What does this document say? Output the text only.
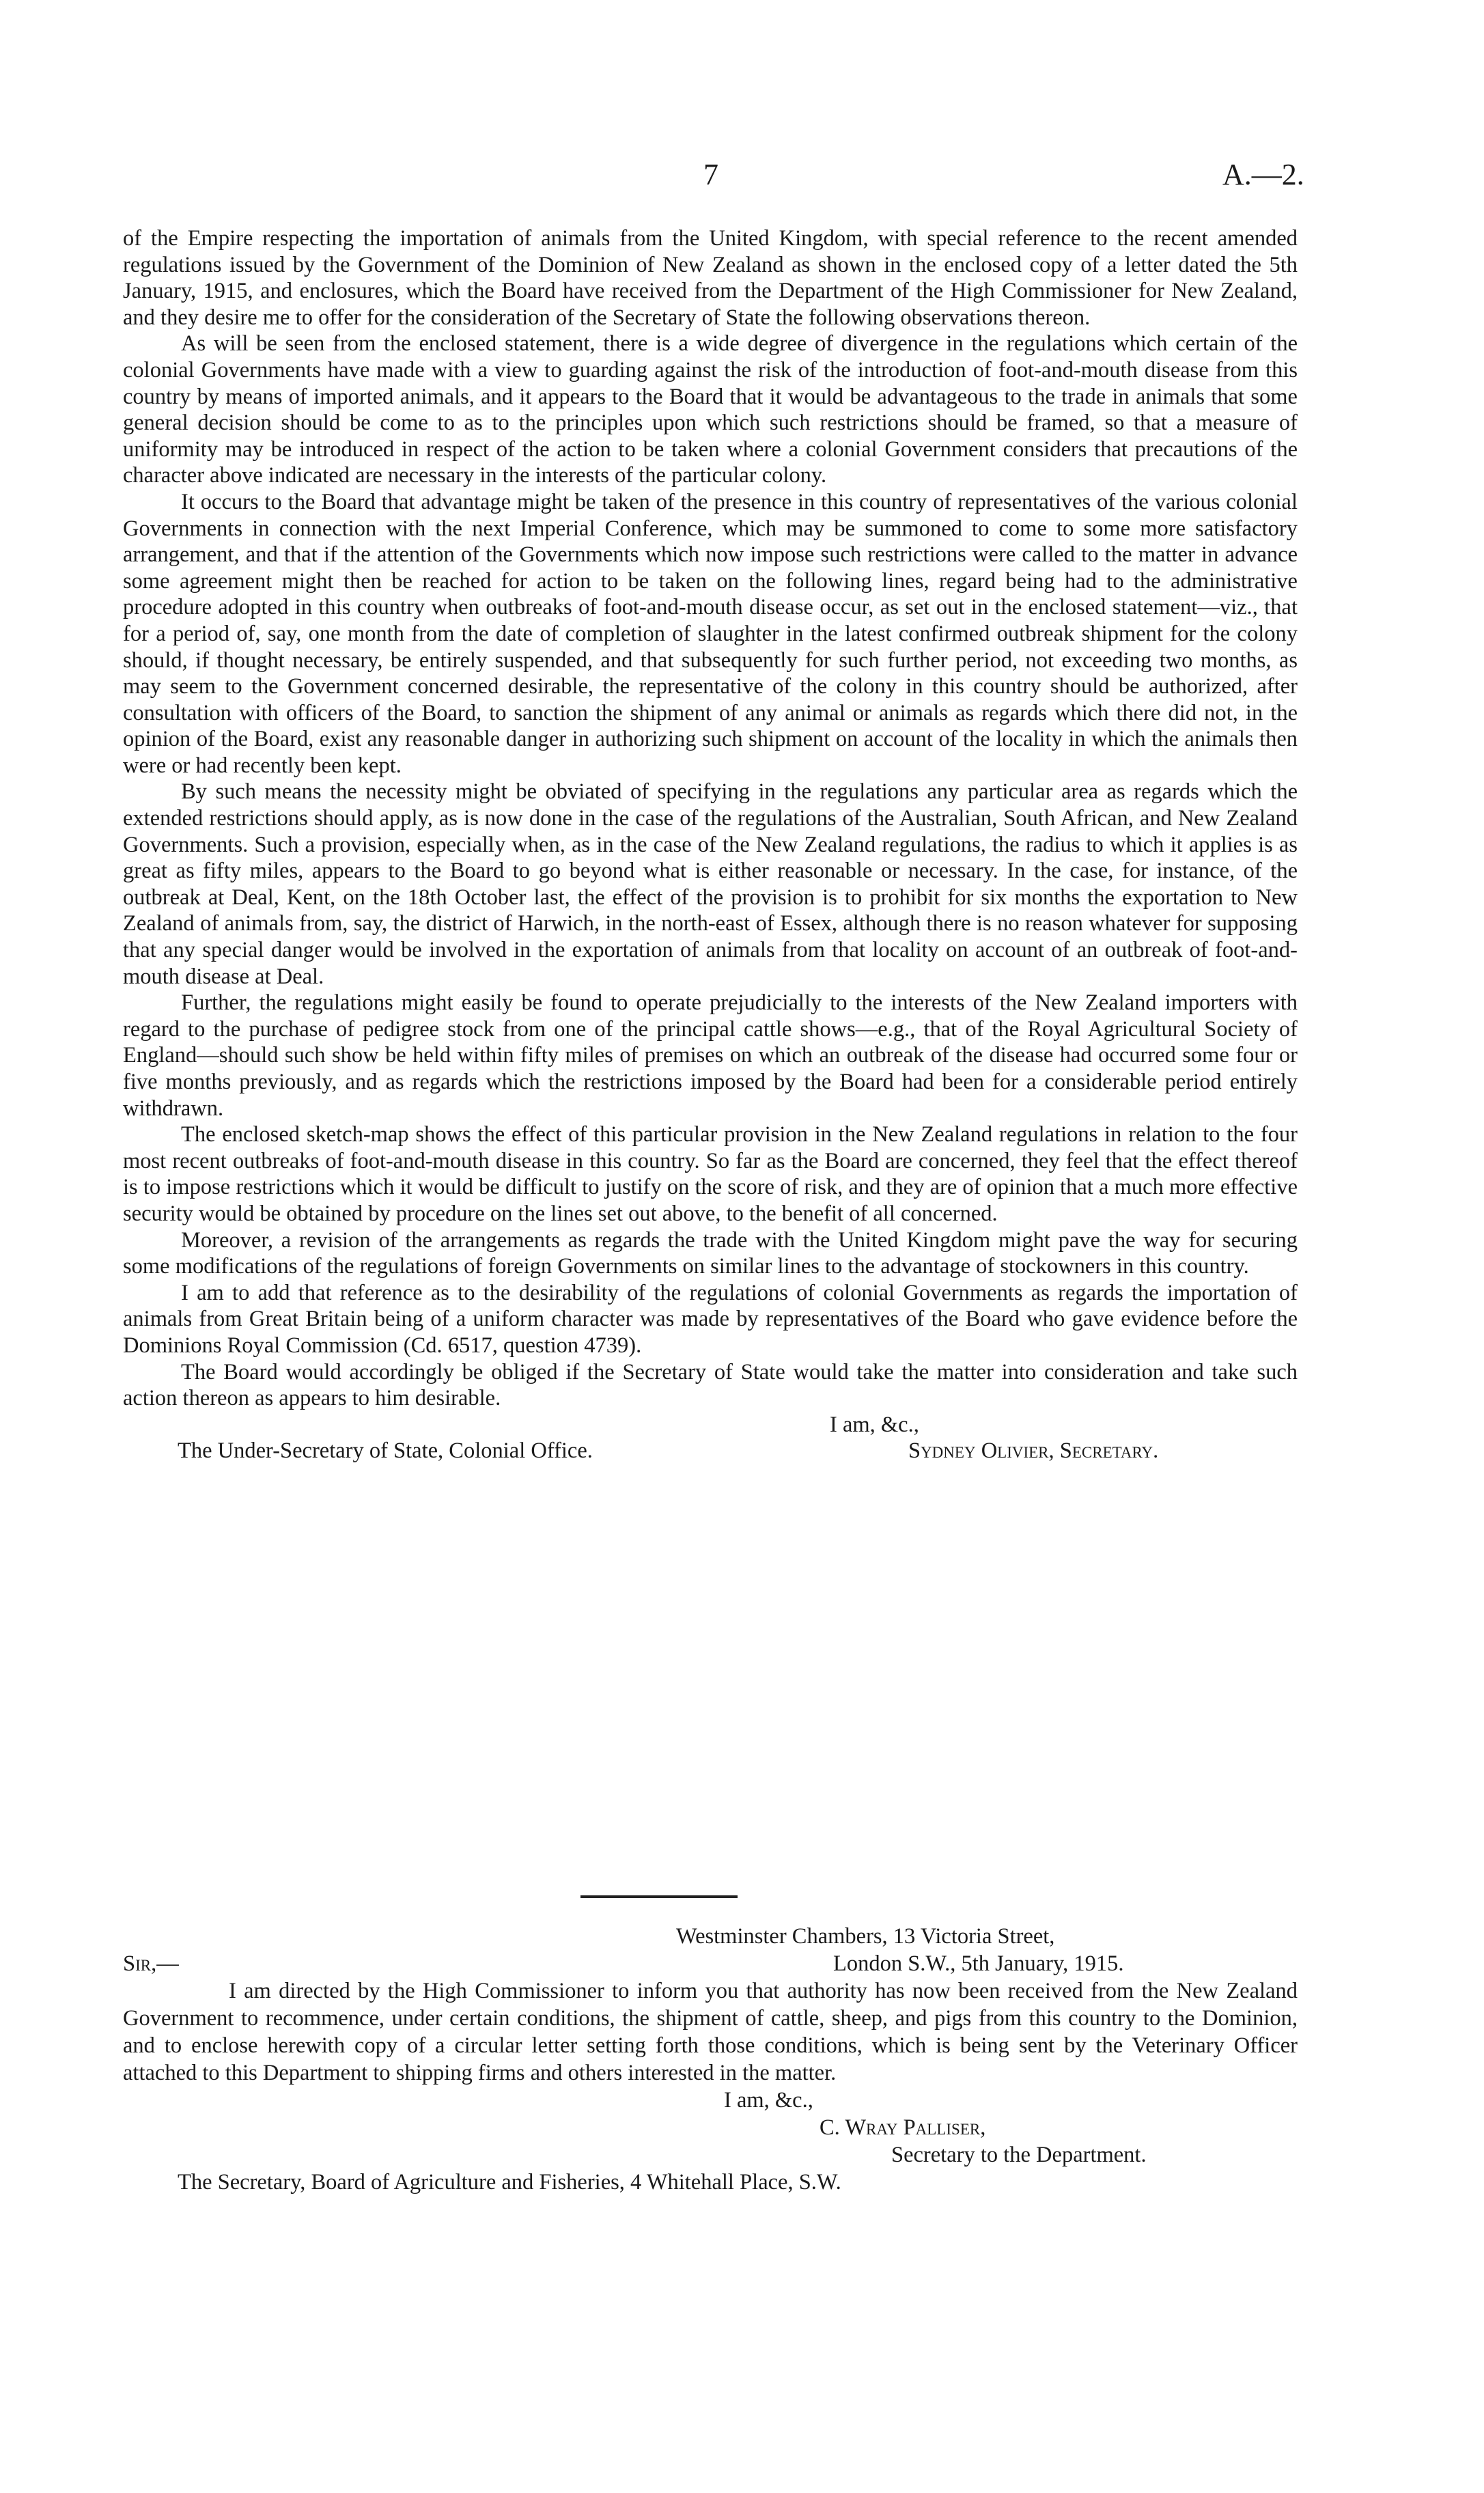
7	A.—2.

of the Empire respecting the importation of animals from the United Kingdom, with special reference to the recent amended regulations issued by the Government of the Dominion of New Zealand as shown in the enclosed copy of a letter dated the 5th January, 1915, and enclosures, which the Board have received from the Department of the High Commissioner for New Zealand, and they desire me to offer for the consideration of the Secretary of State the following observations thereon.

As will be seen from the enclosed statement, there is a wide degree of divergence in the regulations which certain of the colonial Governments have made with a view to guarding against the risk of the introduction of foot-and-mouth disease from this country by means of imported animals, and it appears to the Board that it would be advantageous to the trade in animals that some general decision should be come to as to the principles upon which such restrictions should be framed, so that a measure of uniformity may be introduced in respect of the action to be taken where a colonial Government considers that precautions of the character above indicated are necessary in the interests of the particular colony.

It occurs to the Board that advantage might be taken of the presence in this country of representatives of the various colonial Governments in connection with the next Imperial Conference, which may be summoned to come to some more satisfactory arrangement, and that if the attention of the Governments which now impose such restrictions were called to the matter in advance some agreement might then be reached for action to be taken on the following lines, regard being had to the administrative procedure adopted in this country when outbreaks of foot-and-mouth disease occur, as set out in the enclosed statement—viz., that for a period of, say, one month from the date of completion of slaughter in the latest confirmed outbreak shipment for the colony should, if thought necessary, be entirely suspended, and that subsequently for such further period, not exceeding two months, as may seem to the Government concerned desirable, the representative of the colony in this country should be authorized, after consultation with officers of the Board, to sanction the shipment of any animal or animals as regards which there did not, in the opinion of the Board, exist any reasonable danger in authorizing such shipment on account of the locality in which the animals then were or had recently been kept.

By such means the necessity might be obviated of specifying in the regulations any particular area as regards which the extended restrictions should apply, as is now done in the case of the regulations of the Australian, South African, and New Zealand Governments. Such a provision, especially when, as in the case of the New Zealand regulations, the radius to which it applies is as great as fifty miles, appears to the Board to go beyond what is either reasonable or necessary. In the case, for instance, of the outbreak at Deal, Kent, on the 18th October last, the effect of the provision is to prohibit for six months the exportation to New Zealand of animals from, say, the district of Harwich, in the north-east of Essex, although there is no reason whatever for supposing that any special danger would be involved in the exportation of animals from that locality on account of an outbreak of foot-and-mouth disease at Deal.

Further, the regulations might easily be found to operate prejudicially to the interests of the New Zealand importers with regard to the purchase of pedigree stock from one of the principal cattle shows—e.g., that of the Royal Agricultural Society of England—should such show be held within fifty miles of premises on which an outbreak of the disease had occurred some four or five months previously, and as regards which the restrictions imposed by the Board had been for a considerable period entirely withdrawn.

The enclosed sketch-map shows the effect of this particular provision in the New Zealand regulations in relation to the four most recent outbreaks of foot-and-mouth disease in this country. So far as the Board are concerned, they feel that the effect thereof is to impose restrictions which it would be difficult to justify on the score of risk, and they are of opinion that a much more effective security would be obtained by procedure on the lines set out above, to the benefit of all concerned.

Moreover, a revision of the arrangements as regards the trade with the United Kingdom might pave the way for securing some modifications of the regulations of foreign Governments on similar lines to the advantage of stockowners in this country.

I am to add that reference as to the desirability of the regulations of colonial Governments as regards the importation of animals from Great Britain being of a uniform character was made by representatives of the Board who gave evidence before the Dominions Royal Commission (Cd. 6517, question 4739).

The Board would accordingly be obliged if the Secretary of State would take the matter into consideration and take such action thereon as appears to him desirable.

I am, &c.,
The Under-Secretary of State, Colonial Office.	Sydney Olivier, Secretary.
Westminster Chambers, 13 Victoria Street,
Sir,—	London S.W., 5th January, 1915.

I am directed by the High Commissioner to inform you that authority has now been received from the New Zealand Government to recommence, under certain conditions, the shipment of cattle, sheep, and pigs from this country to the Dominion, and to enclose herewith copy of a circular letter setting forth those conditions, which is being sent by the Veterinary Officer attached to this Department to shipping firms and others interested in the matter.

I am, &c.,
C. Wray Palliser,
Secretary to the Department.
The Secretary, Board of Agriculture and Fisheries, 4 Whitehall Place, S.W.
